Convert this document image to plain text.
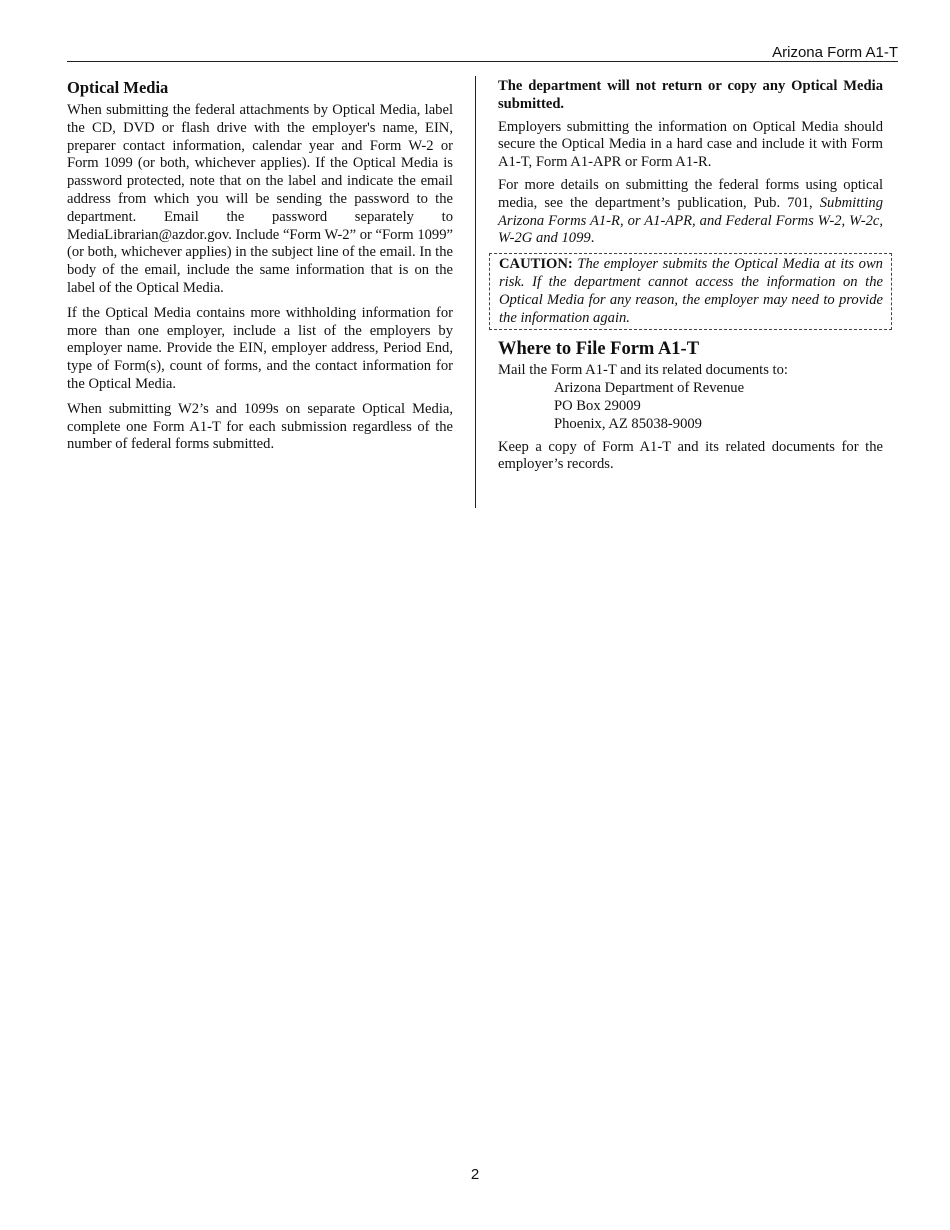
Arizona Form A1-T
Optical Media

When submitting the federal attachments by Optical Media, label the CD, DVD or flash drive with the employer's name, EIN, preparer contact information, calendar year and Form W-2 or Form 1099 (or both, whichever applies). If the Optical Media is password protected, note that on the label and indicate the email address from which you will be sending the password to the department. Email the password separately to MediaLibrarian@azdor.gov. Include “Form W-2” or “Form 1099” (or both, whichever applies) in the subject line of the email. In the body of the email, include the same information that is on the label of the Optical Media.

If the Optical Media contains more withholding information for more than one employer, include a list of the employers by employer name. Provide the EIN, employer address, Period End, type of Form(s), count of forms, and the contact information for the Optical Media.

When submitting W2’s and 1099s on separate Optical Media, complete one Form A1-T for each submission regardless of the number of federal forms submitted.

The department will not return or copy any Optical Media submitted.

Employers submitting the information on Optical Media should secure the Optical Media in a hard case and include it with Form A1-T, Form A1-APR or Form A1-R.

For more details on submitting the federal forms using optical media, see the department’s publication, Pub. 701, Submitting Arizona Forms A1-R, or A1-APR, and Federal Forms W-2, W-2c, W-2G and 1099.

CAUTION: The employer submits the Optical Media at its own risk. If the department cannot access the information on the Optical Media for any reason, the employer may need to provide the information again.
Where to File Form A1-T

Mail the Form A1-T and its related documents to:

Arizona Department of Revenue
PO Box 29009
Phoenix, AZ 85038-9009

Keep a copy of Form A1-T and its related documents for the employer’s records.

2
